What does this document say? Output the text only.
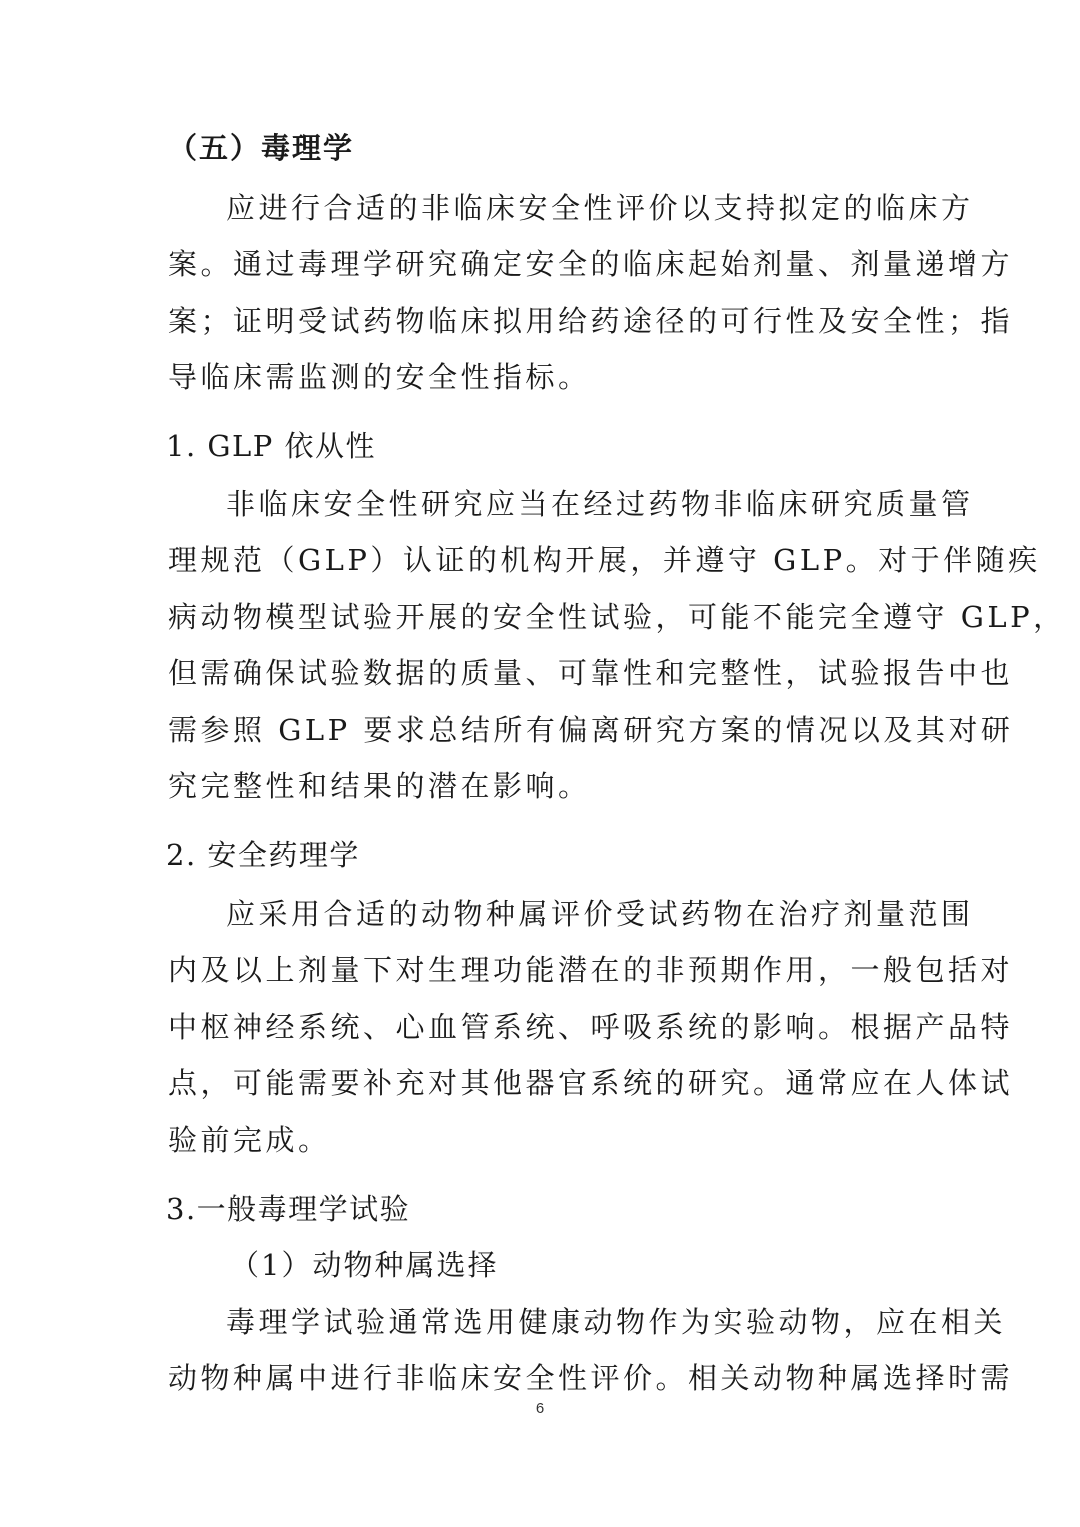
（五）毒理学
应进行合适的非临床安全性评价以支持拟定的临床方
案。通过毒理学研究确定安全的临床起始剂量、剂量递增方
案；证明受试药物临床拟用给药途径的可行性及安全性；指
导临床需监测的安全性指标。
1. GLP 依从性
非临床安全性研究应当在经过药物非临床研究质量管
理规范（GLP）认证的机构开展，并遵守 GLP。对于伴随疾
病动物模型试验开展的安全性试验，可能不能完全遵守 GLP，
但需确保试验数据的质量、可靠性和完整性，试验报告中也
需参照 GLP 要求总结所有偏离研究方案的情况以及其对研
究完整性和结果的潜在影响。
2. 安全药理学
应采用合适的动物种属评价受试药物在治疗剂量范围
内及以上剂量下对生理功能潜在的非预期作用，一般包括对
中枢神经系统、心血管系统、呼吸系统的影响。根据产品特
点，可能需要补充对其他器官系统的研究。通常应在人体试
验前完成。
3.一般毒理学试验
（1）动物种属选择
毒理学试验通常选用健康动物作为实验动物，应在相关
动物种属中进行非临床安全性评价。相关动物种属选择时需
6
